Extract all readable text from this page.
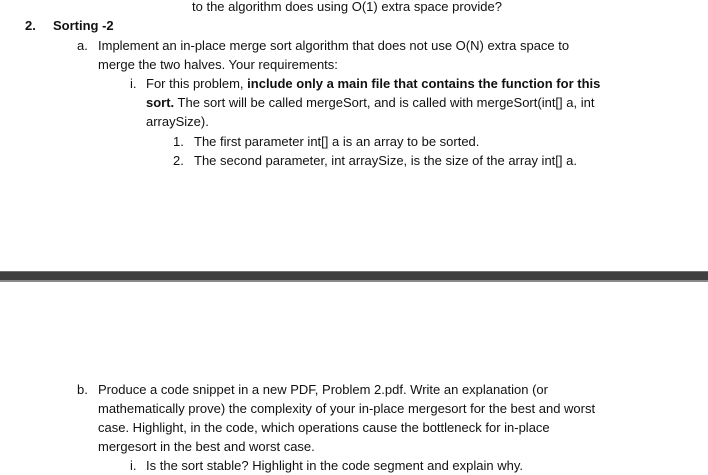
to the algorithm does using O(1) extra space provide?
2. Sorting -2
a. Implement an in-place merge sort algorithm that does not use O(N) extra space to
merge the two halves. Your requirements:
i. For this problem, include only a main file that contains the function for this
sort. The sort will be called mergeSort, and is called with mergeSort(int[] a, int
arraySize).
1. The first parameter int[] a is an array to be sorted.
2. The second parameter, int arraySize, is the size of the array int[] a.
b. Produce a code snippet in a new PDF, Problem 2.pdf. Write an explanation (or
mathematically prove) the complexity of your in-place mergesort for the best and worst
case. Highlight, in the code, which operations cause the bottleneck for in-place
mergesort in the best and worst case.
i. Is the sort stable? Highlight in the code segment and explain why.
